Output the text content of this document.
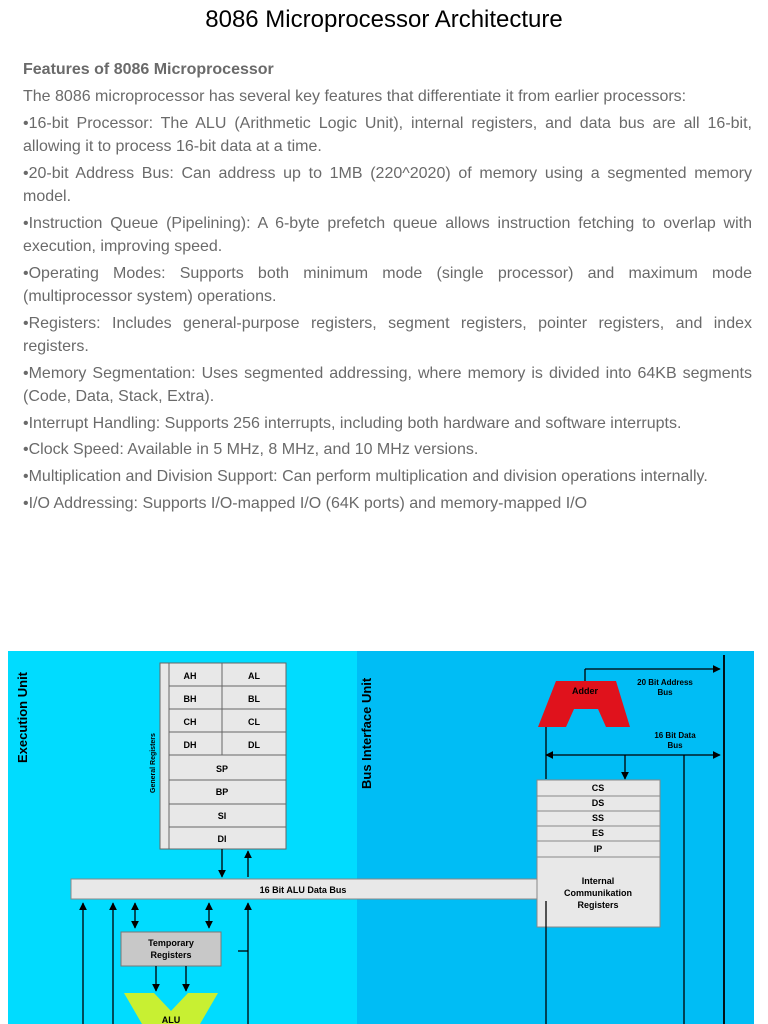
8086 Microprocessor Architecture

Features of 8086 Microprocessor

The 8086 microprocessor has several key features that differentiate it from earlier processors:

•16-bit Processor: The ALU (Arithmetic Logic Unit), internal registers, and data bus are all 16-bit, allowing it to process 16-bit data at a time.

•20-bit Address Bus: Can address up to 1MB (220^2020) of memory using a segmented memory model.

•Instruction Queue (Pipelining): A 6-byte prefetch queue allows instruction fetching to overlap with execution, improving speed.

•Operating Modes: Supports both minimum mode (single processor) and maximum mode (multiprocessor system) operations.

•Registers: Includes general-purpose registers, segment registers, pointer registers, and index registers.

•Memory Segmentation: Uses segmented addressing, where memory is divided into 64KB segments (Code, Data, Stack, Extra).

•Interrupt Handling: Supports 256 interrupts, including both hardware and software interrupts.

•Clock Speed: Available in 5 MHz, 8 MHz, and 10 MHz versions.

•Multiplication and Division Support: Can perform multiplication and division operations internally.

•I/O Addressing: Supports I/O-mapped I/O (64K ports) and memory-mapped I/O

Execution Unit	Bus Interface Unit
General Registers
AH	AL
BH	BL
CH	CL
DH	DL
SP
BP
SI
DI
16 Bit ALU Data Bus
Adder
20 Bit Address
Bus
16 Bit Data
Bus
CS
DS
SS
ES
IP
Internal
Communikation
Registers
Temporary
Registers
ALU
